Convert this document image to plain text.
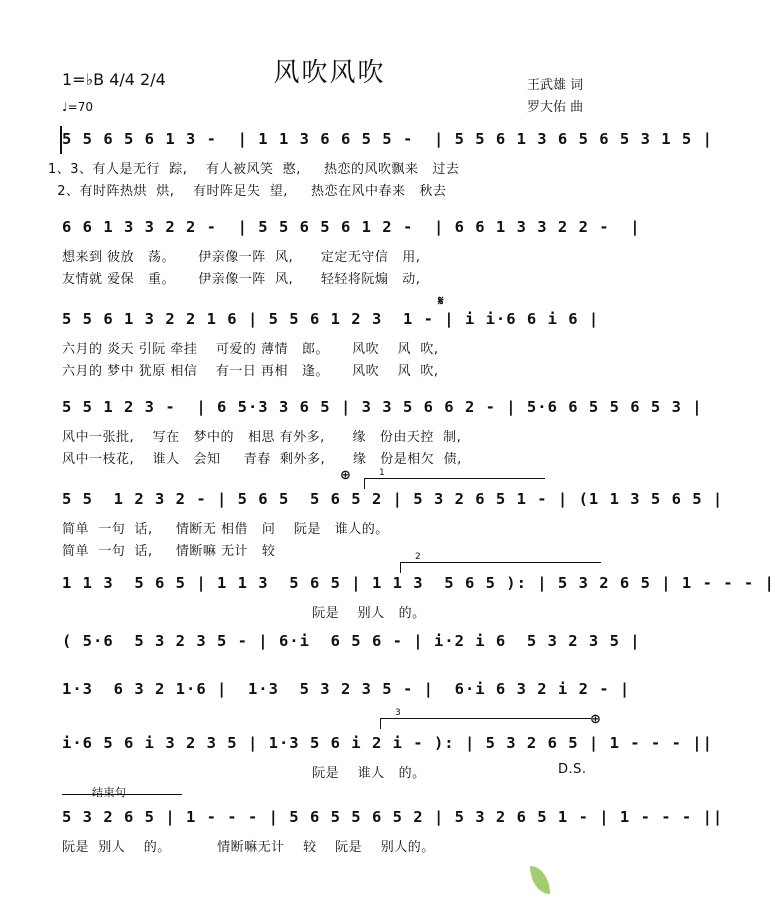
风吹风吹
1=♭B 4/4 2/4
♩=70
王武雄 词
罗大佑 曲
5 5 6 5 6 1 3 -  | 1 1 3 6 6 5 5 -  | 5 5 6 1 3 6 5 6 5 3 1 5 |
1、3、有人是无行  踪,    有人被风笑  憨,     热恋的风吹飘来   过去
2、有时阵热烘  烘,    有时阵足失  望,     热恋在风中春来   秋去
6 6 1 3 3 2 2 -  | 5 5 6 5 6 1 2 -  | 6 6 1 3 3 2 2 -  |
想来到 彼放   荡。     伊亲像一阵  风,      定定无守信   用,
友情就 爱保   重。     伊亲像一阵  风,      轻轻将阮煽   动,
𝄋
5 5 6 1 3 2 2 1 6 | 5 5 6 1 2 3  1 - | i i·6 6 i 6 |
六月的 炎天 引阮 牵挂    可爱的 薄情   郎。     风吹    风  吹,
六月的 梦中 犹原 相信    有一日 再相   逢。     风吹    风  吹,
5 5 1 2 3 -  | 6 5·3 3 6 5 | 3 3 5 6 6 2 - | 5·6 6 5 5 6 5 3 |
风中一张批,    写在   梦中的   相思 有外多,      缘   份由天控  制,
风中一枝花,    谁人   会知     青春  剩外多,      缘   份是相欠  债,
⊕	1
5 5  1 2 3 2 - | 5 6 5  5 6 5 2 | 5 3 2 6 5 1 - | (1 1 3 5 6 5 |
简单  一句  话,     情断无 相借   问    阮是   谁人的。
简单  一句  话,     情断嘛 无计   较	2
1 1 3  5 6 5 | 1 1 3  5 6 5 | 1 1 3  5 6 5 ): | 5 3 2 6 5 | 1 - - - |
阮是    别人   的。
( 5·6  5 3 2 3 5 - | 6·i  6 5 6 - | i·2 i 6  5 3 2 3 5 |
1·3  6 3 2 1·6 |  1·3  5 3 2 3 5 - |  6·i 6 3 2 i 2 - |
3	⊕
i·6 5 6 i 3 2 3 5 | 1·3 5 6 i 2 i - ): | 5 3 2 6 5 | 1 - - - ||
阮是    谁人   的。	D.S.
结束句
5 3 2 6 5 | 1 - - - | 5 6 5 5 6 5 2 | 5 3 2 6 5 1 - | 1 - - - ||
阮是  别人    的。          情断嘛无计    较    阮是    别人的。
